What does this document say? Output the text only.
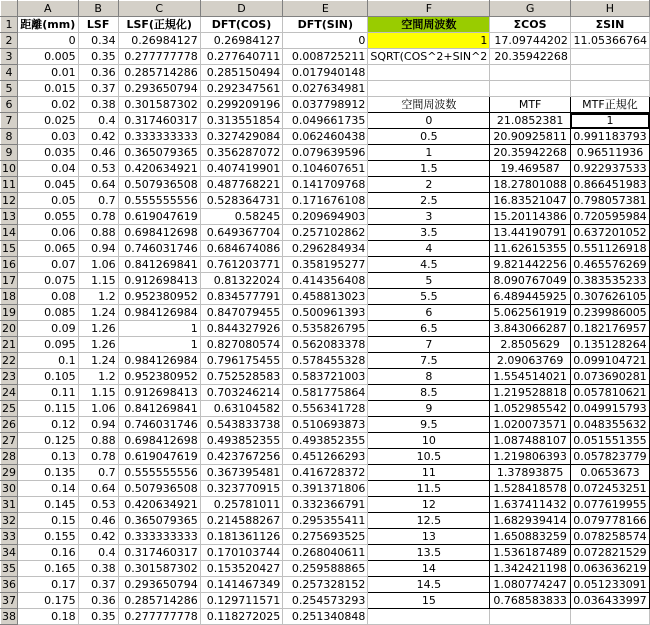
	A	B	C	D	E	F	G	H
1	距離(mm)	LSF	LSF(正規化)	DFT(COS)	DFT(SIN)	空間周波数	ΣCOS	ΣSIN
2	0	0.34	0.26984127	0.26984127	0	1	17.09744202	11.05366764
3	0.005	0.35	0.277777778	0.277640711	0.008725211	SQRT(COS^2+SIN^2	20.35942268	
4	0.01	0.36	0.285714286	0.285150494	0.017940148			
5	0.015	0.37	0.293650794	0.292347561	0.027634981			
6	0.02	0.38	0.301587302	0.299209196	0.037798912	空間周波数	MTF	MTF正規化
7	0.025	0.4	0.317460317	0.313551854	0.049661735	0	21.0852381	1
8	0.03	0.42	0.333333333	0.327429084	0.062460438	0.5	20.90925811	0.991183793
9	0.035	0.46	0.365079365	0.356287072	0.079639596	1	20.35942268	0.96511936
10	0.04	0.53	0.420634921	0.407419901	0.104607651	1.5	19.469587	0.922937533
11	0.045	0.64	0.507936508	0.487768221	0.141709768	2	18.27801088	0.866451983
12	0.05	0.7	0.555555556	0.528364731	0.171676108	2.5	16.83521047	0.798057381
13	0.055	0.78	0.619047619	0.58245	0.209694903	3	15.20114386	0.720595984
14	0.06	0.88	0.698412698	0.649367704	0.257102862	3.5	13.44190791	0.637201052
15	0.065	0.94	0.746031746	0.684674086	0.296284934	4	11.62615355	0.551126918
16	0.07	1.06	0.841269841	0.761203771	0.358195277	4.5	9.821442256	0.465576269
17	0.075	1.15	0.912698413	0.81322024	0.414356408	5	8.090767049	0.383535233
18	0.08	1.2	0.952380952	0.834577791	0.458813023	5.5	6.489445925	0.307626105
19	0.085	1.24	0.984126984	0.847079455	0.500961393	6	5.062561919	0.239986005
20	0.09	1.26	1	0.844327926	0.535826795	6.5	3.843066287	0.182176957
21	0.095	1.26	1	0.827080574	0.562083378	7	2.8505629	0.135128264
22	0.1	1.24	0.984126984	0.796175455	0.578455328	7.5	2.09063769	0.099104721
23	0.105	1.2	0.952380952	0.752528583	0.583721003	8	1.554514021	0.073690281
24	0.11	1.15	0.912698413	0.703246214	0.581775864	8.5	1.219528818	0.057810621
25	0.115	1.06	0.841269841	0.63104582	0.556341728	9	1.052985542	0.049915793
26	0.12	0.94	0.746031746	0.543833738	0.510693873	9.5	1.020073571	0.048355632
27	0.125	0.88	0.698412698	0.493852355	0.493852355	10	1.087488107	0.051551355
28	0.13	0.78	0.619047619	0.423767256	0.451266293	10.5	1.219806393	0.057823779
29	0.135	0.7	0.555555556	0.367395481	0.416728372	11	1.37893875	0.0653673
30	0.14	0.64	0.507936508	0.323770915	0.391371806	11.5	1.528418578	0.072453251
31	0.145	0.53	0.420634921	0.25781011	0.332366791	12	1.637411432	0.077619955
32	0.15	0.46	0.365079365	0.214588267	0.295355411	12.5	1.682939414	0.079778166
33	0.155	0.42	0.333333333	0.181361126	0.275693525	13	1.650883259	0.078258574
34	0.16	0.4	0.317460317	0.170103744	0.268040611	13.5	1.536187489	0.072821529
35	0.165	0.38	0.301587302	0.153520427	0.259588865	14	1.342421198	0.063636219
36	0.17	0.37	0.293650794	0.141467349	0.257328152	14.5	1.080774247	0.051233091
37	0.175	0.36	0.285714286	0.129711571	0.254573293	15	0.768583833	0.036433997
38	0.18	0.35	0.277777778	0.118272025	0.251340848			
